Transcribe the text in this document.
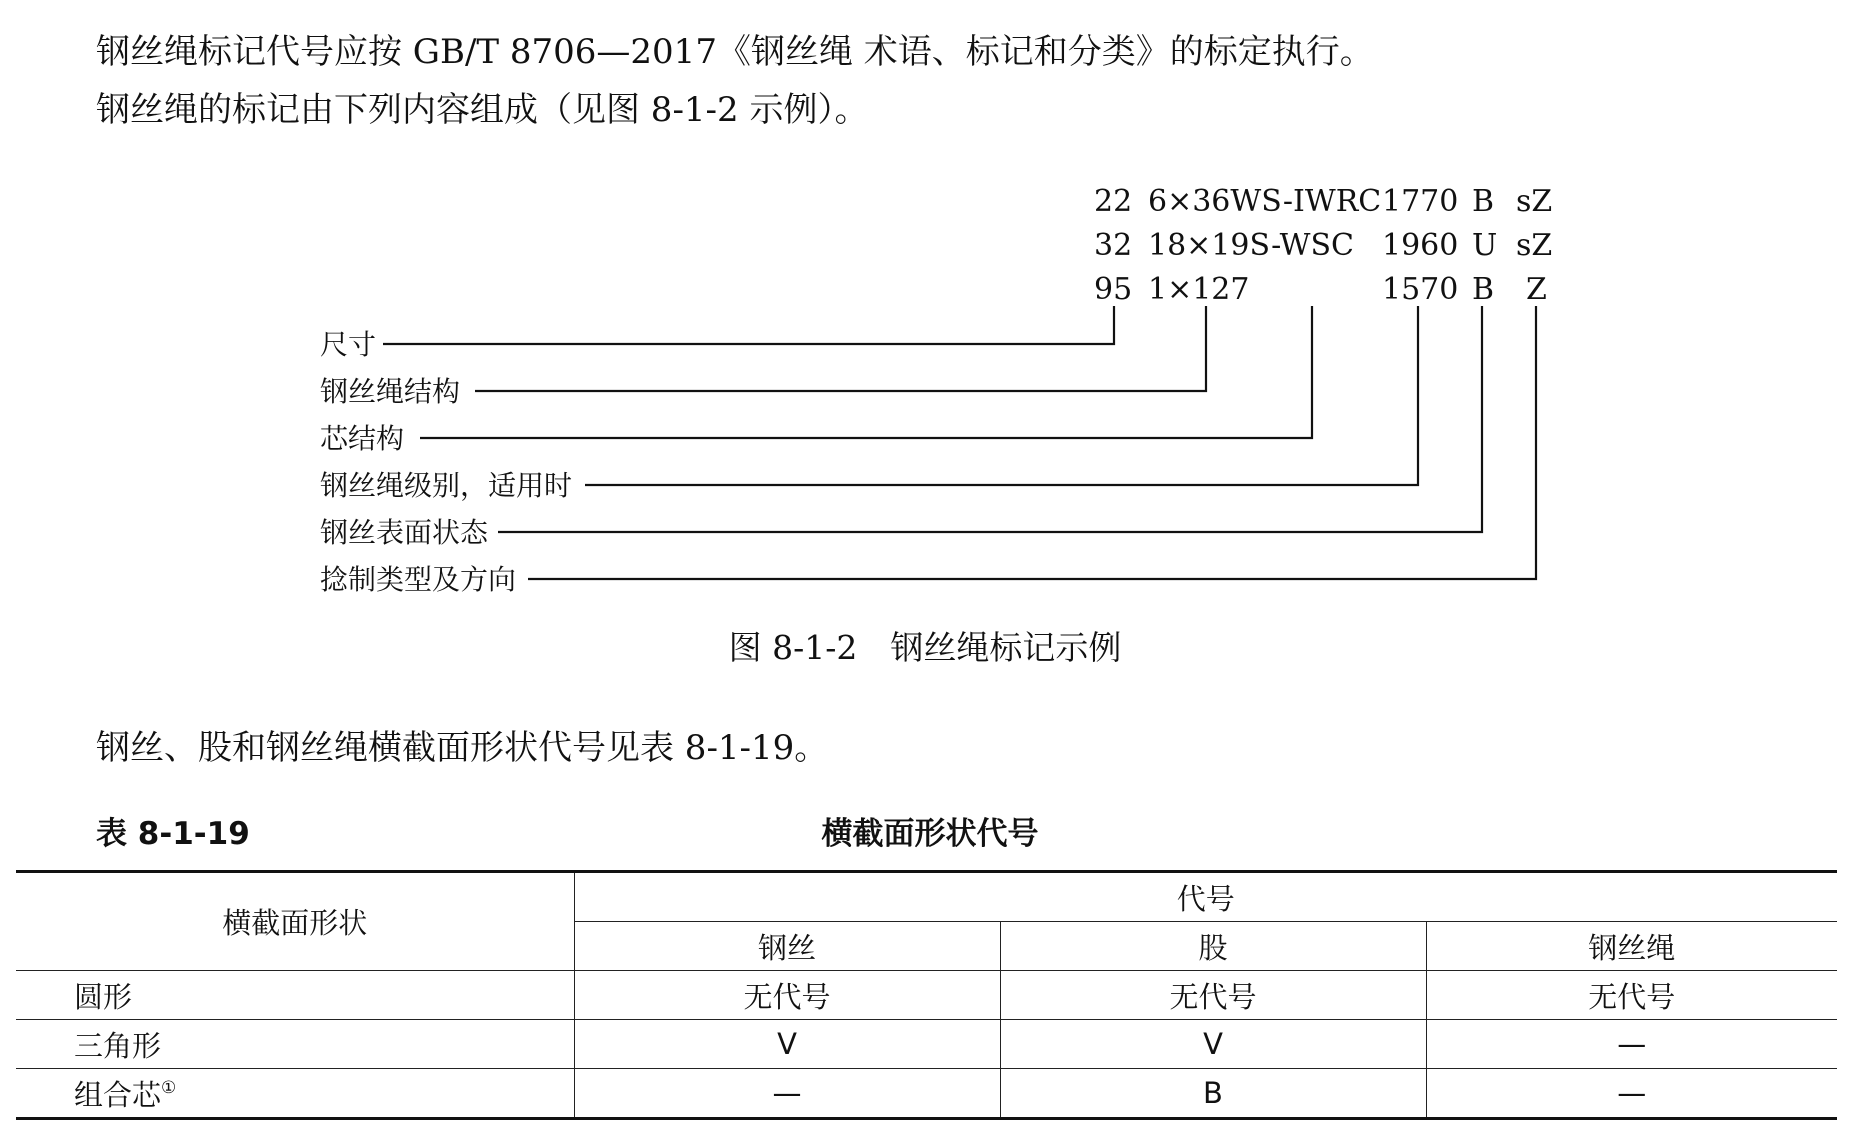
钢丝绳标记代号应按 GB/T 8706—2017《钢丝绳 术语、标记和分类》的标定执行。

钢丝绳的标记由下列内容组成（见图 8-1-2 示例）。

22 6×36WS-IWRC 1770 B sZ
32 18×19S-WSC 1960 U sZ
95 1×127	1570 B Z
尺寸
钢丝绳结构
芯结构
钢丝绳级别，适用时
钢丝表面状态
捻制类型及方向

图 8-1-2　钢丝绳标记示例

钢丝、股和钢丝绳横截面形状代号见表 8-1-19。

表 8-1-19	横截面形状代号

横截面形状	代号		
	钢丝	股	钢丝绳
圆形	无代号	无代号	无代号
三角形	V	V	—
组合芯①	—	B	—
